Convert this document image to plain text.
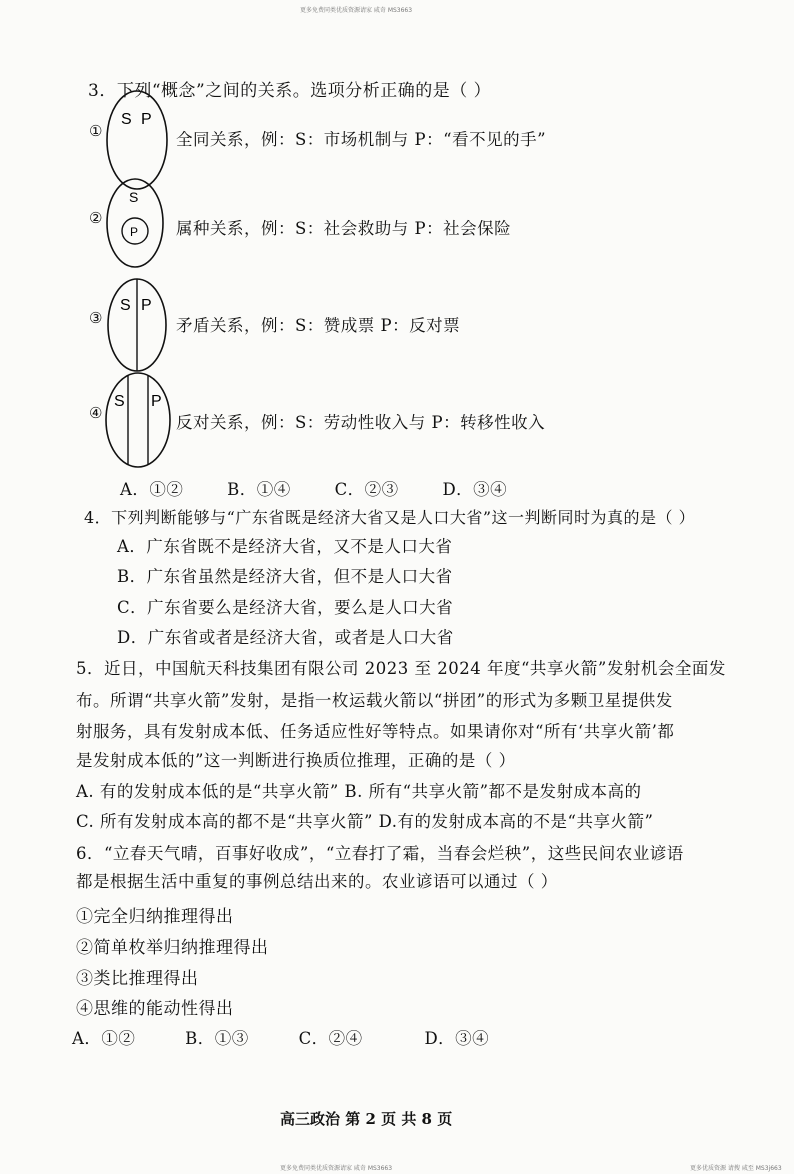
更多免费同类优质资源请家 咸奇 MS3663
更多免费同类优质资源请家 咸奇 MS3663	更多优质资源 请搜 咸至 MS3j663
3．下列“概念”之间的关系。选项分析正确的是（ ）
①
S P
全同关系，例：S：市场机制与 P：“看不见的手”
②
S
P 属种关系，例：S：社会救助与 P：社会保险
③
S P
矛盾关系，例：S：赞成票 P：反对票
④
S P
反对关系，例：S：劳动性收入与 P：转移性收入
A．①②	B．①④	C．②③	D．③④
4．下列判断能够与“广东省既是经济大省又是人口大省”这一判断同时为真的是（ ）
A．广东省既不是经济大省，又不是人口大省
B．广东省虽然是经济大省，但不是人口大省
C．广东省要么是经济大省，要么是人口大省
D．广东省或者是经济大省，或者是人口大省
5．近日，中国航天科技集团有限公司 2023 至 2024 年度“共享火箭”发射机会全面发
布。所谓“共享火箭”发射，是指一枚运载火箭以“拼团”的形式为多颗卫星提供发
射服务，具有发射成本低、任务适应性好等特点。如果请你对“所有‘共享火箭’都
是发射成本低的”这一判断进行换质位推理，正确的是（ ）
A. 有的发射成本低的是“共享火箭” B. 所有“共享火箭”都不是发射成本高的
C. 所有发射成本高的都不是“共享火箭” D.有的发射成本高的不是“共享火箭”
6．“立春天气晴，百事好收成”，“立春打了霜，当春会烂秧”，这些民间农业谚语
都是根据生活中重复的事例总结出来的。农业谚语可以通过（ ）
①完全归纳推理得出
②简单枚举归纳推理得出
③类比推理得出
④思维的能动性得出
A．①②	B．①③	C．②④	D．③④
高三政治 第 2 页 共 8 页
